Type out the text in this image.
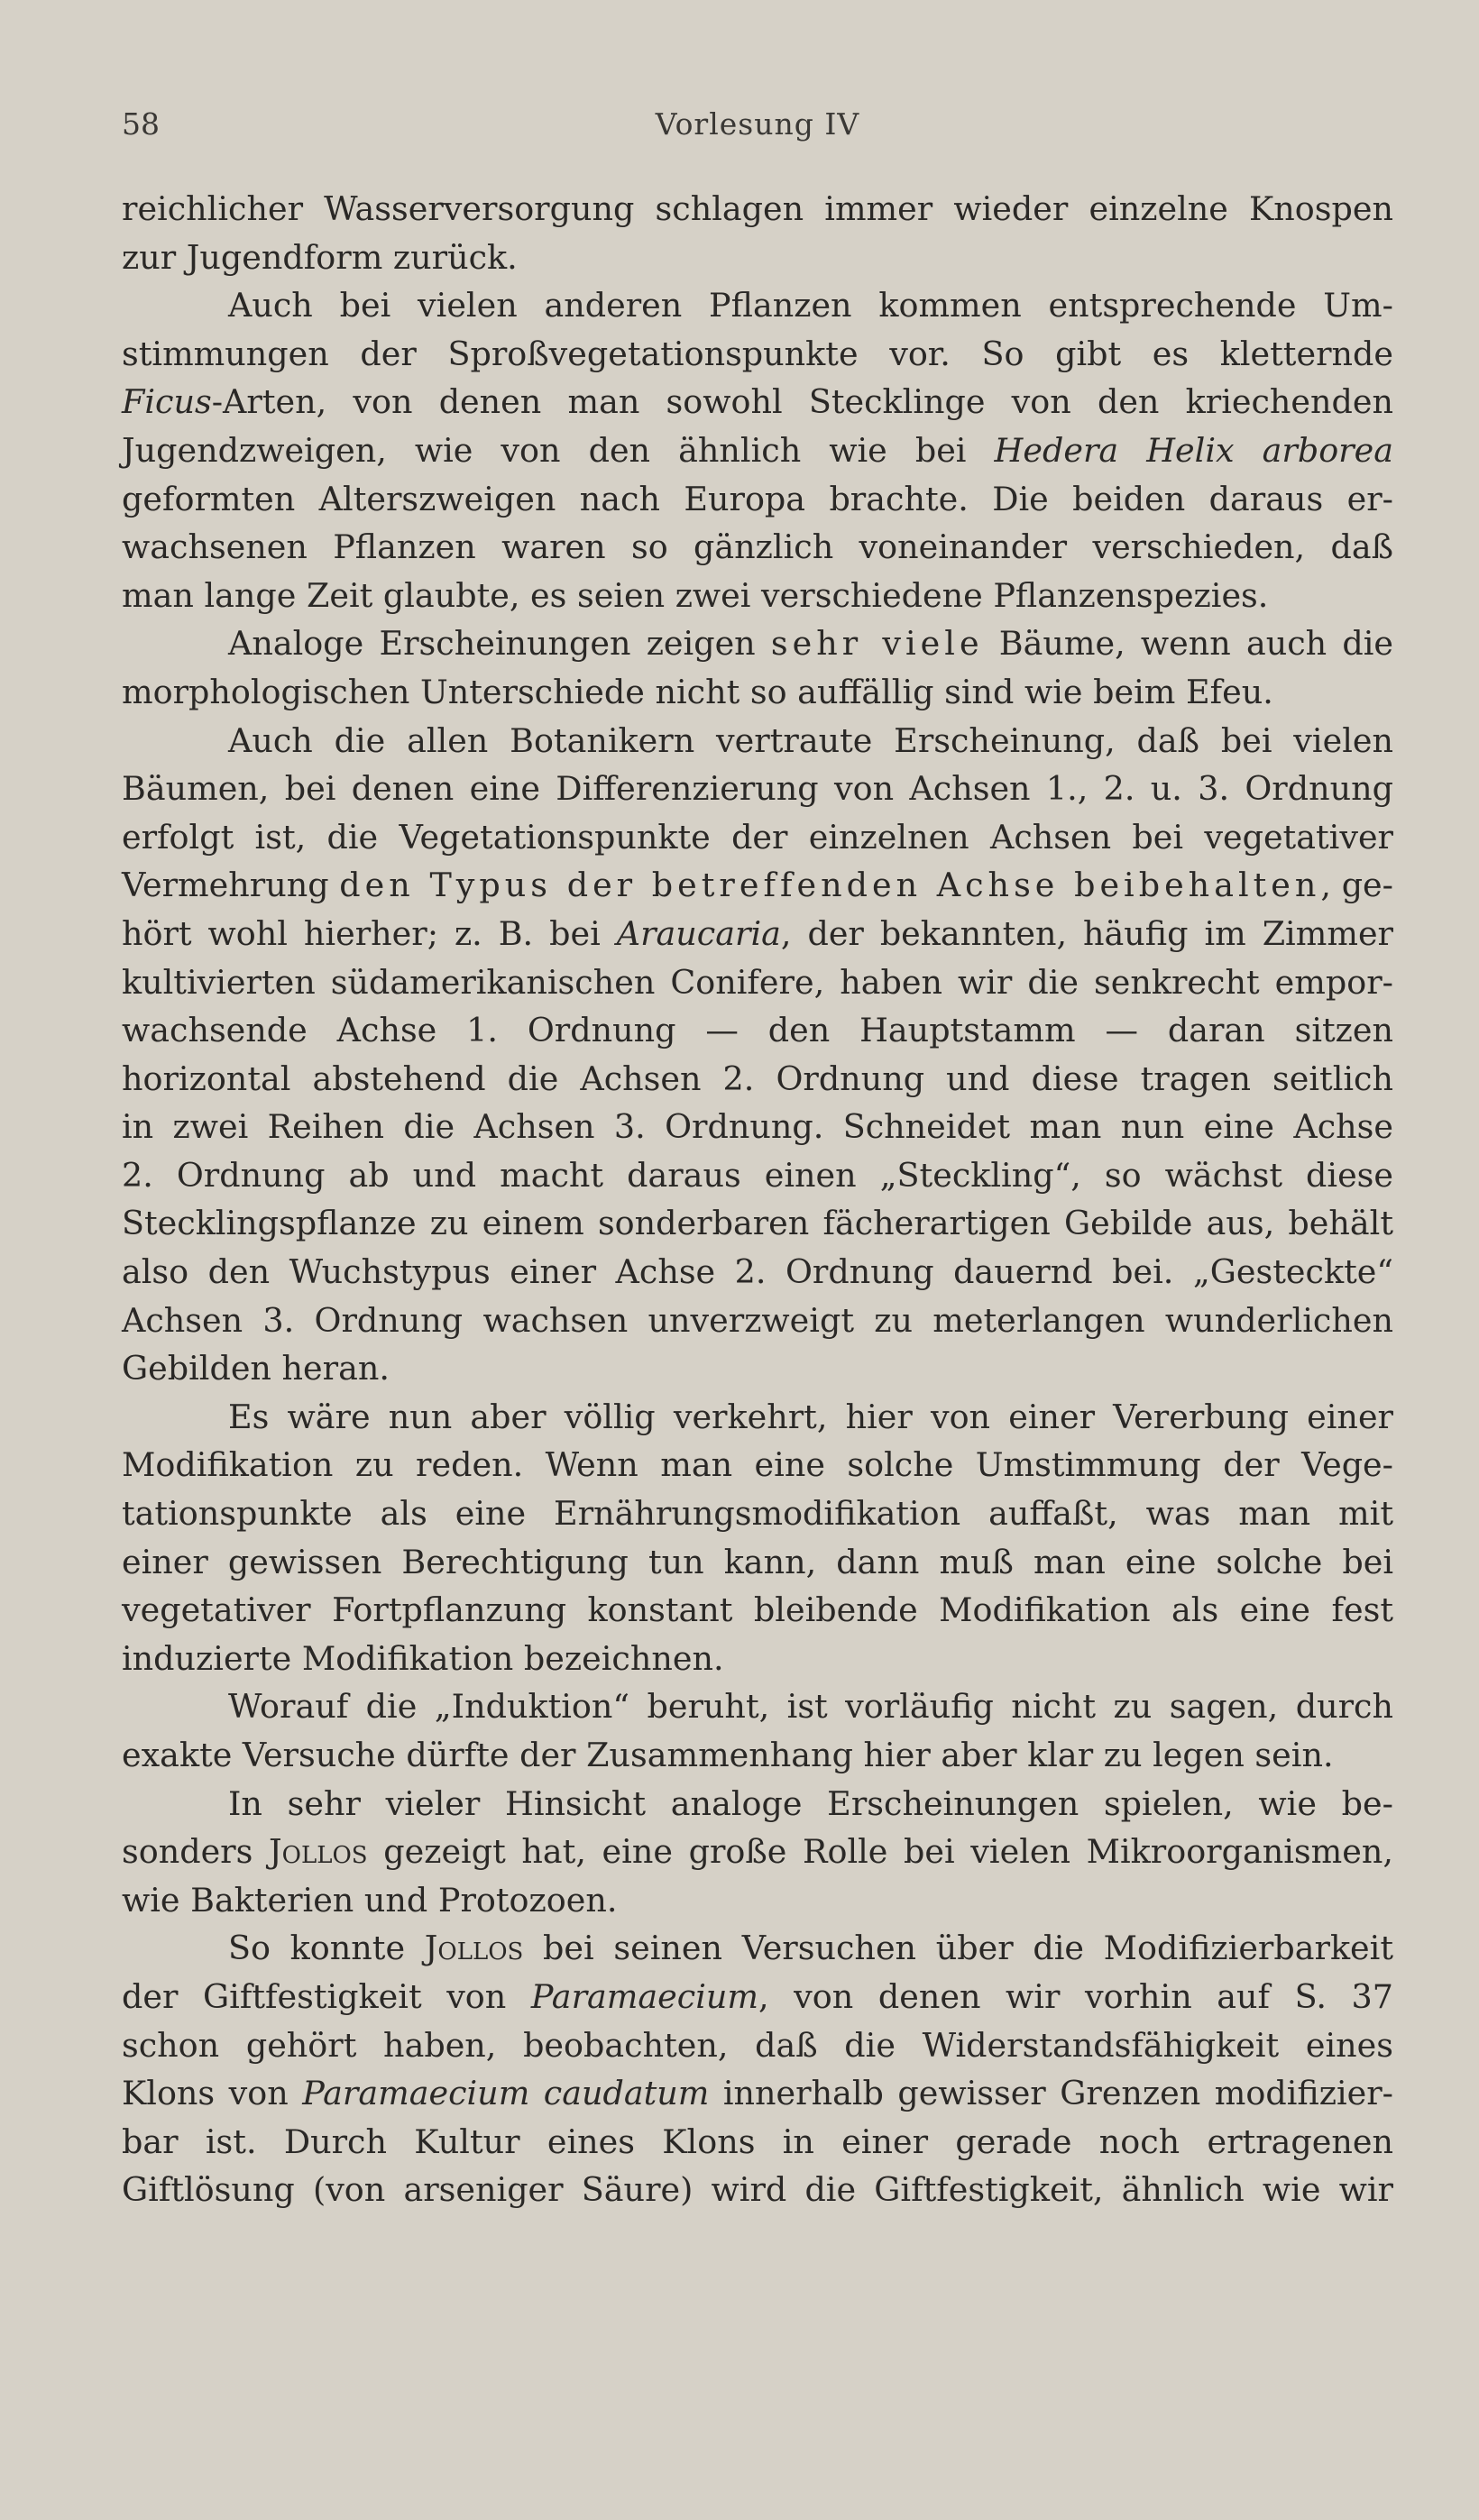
58	Vorlesung IV
reichlicher Wasserversorgung schlagen immer wieder einzelne Knospen
zur Jugendform zurück.
Auch bei vielen anderen Pflanzen kommen entsprechende Um-
stimmungen der Sproßvegetationspunkte vor. So gibt es kletternde
Ficus-Arten, von denen man sowohl Stecklinge von den kriechenden
Jugendzweigen, wie von den ähnlich wie bei Hedera Helix arborea
geformten Alterszweigen nach Europa brachte. Die beiden daraus er-
wachsenen Pflanzen waren so gänzlich voneinander verschieden, daß
man lange Zeit glaubte, es seien zwei verschiedene Pflanzenspezies.
Analoge Erscheinungen zeigen sehr viele Bäume, wenn auch die
morphologischen Unterschiede nicht so auffällig sind wie beim Efeu.
Auch die allen Botanikern vertraute Erscheinung, daß bei vielen
Bäumen, bei denen eine Differenzierung von Achsen 1., 2. u. 3. Ordnung
erfolgt ist, die Vegetationspunkte der einzelnen Achsen bei vegetativer
Vermehrung den Typus der betreffenden Achse beibehalten, ge-
hört wohl hierher; z. B. bei Araucaria, der bekannten, häufig im Zimmer
kultivierten südamerikanischen Conifere, haben wir die senkrecht empor-
wachsende Achse 1. Ordnung — den Hauptstamm — daran sitzen
horizontal abstehend die Achsen 2. Ordnung und diese tragen seitlich
in zwei Reihen die Achsen 3. Ordnung. Schneidet man nun eine Achse
2. Ordnung ab und macht daraus einen „Steckling“, so wächst diese
Stecklingspflanze zu einem sonderbaren fächerartigen Gebilde aus, behält
also den Wuchstypus einer Achse 2. Ordnung dauernd bei. „Gesteckte“
Achsen 3. Ordnung wachsen unverzweigt zu meterlangen wunderlichen
Gebilden heran.
Es wäre nun aber völlig verkehrt, hier von einer Vererbung einer
Modifikation zu reden. Wenn man eine solche Umstimmung der Vege-
tationspunkte als eine Ernährungsmodifikation auffaßt, was man mit
einer gewissen Berechtigung tun kann, dann muß man eine solche bei
vegetativer Fortpflanzung konstant bleibende Modifikation als eine fest
induzierte Modifikation bezeichnen.
Worauf die „Induktion“ beruht, ist vorläufig nicht zu sagen, durch
exakte Versuche dürfte der Zusammenhang hier aber klar zu legen sein.
In sehr vieler Hinsicht analoge Erscheinungen spielen, wie be-
sonders Jollos gezeigt hat, eine große Rolle bei vielen Mikroorganismen,
wie Bakterien und Protozoen.
So konnte Jollos bei seinen Versuchen über die Modifizierbarkeit
der Giftfestigkeit von Paramaecium, von denen wir vorhin auf S. 37
schon gehört haben, beobachten, daß die Widerstandsfähigkeit eines
Klons von Paramaecium caudatum innerhalb gewisser Grenzen modifizier-
bar ist. Durch Kultur eines Klons in einer gerade noch ertragenen
Giftlösung (von arseniger Säure) wird die Giftfestigkeit, ähnlich wie wir
